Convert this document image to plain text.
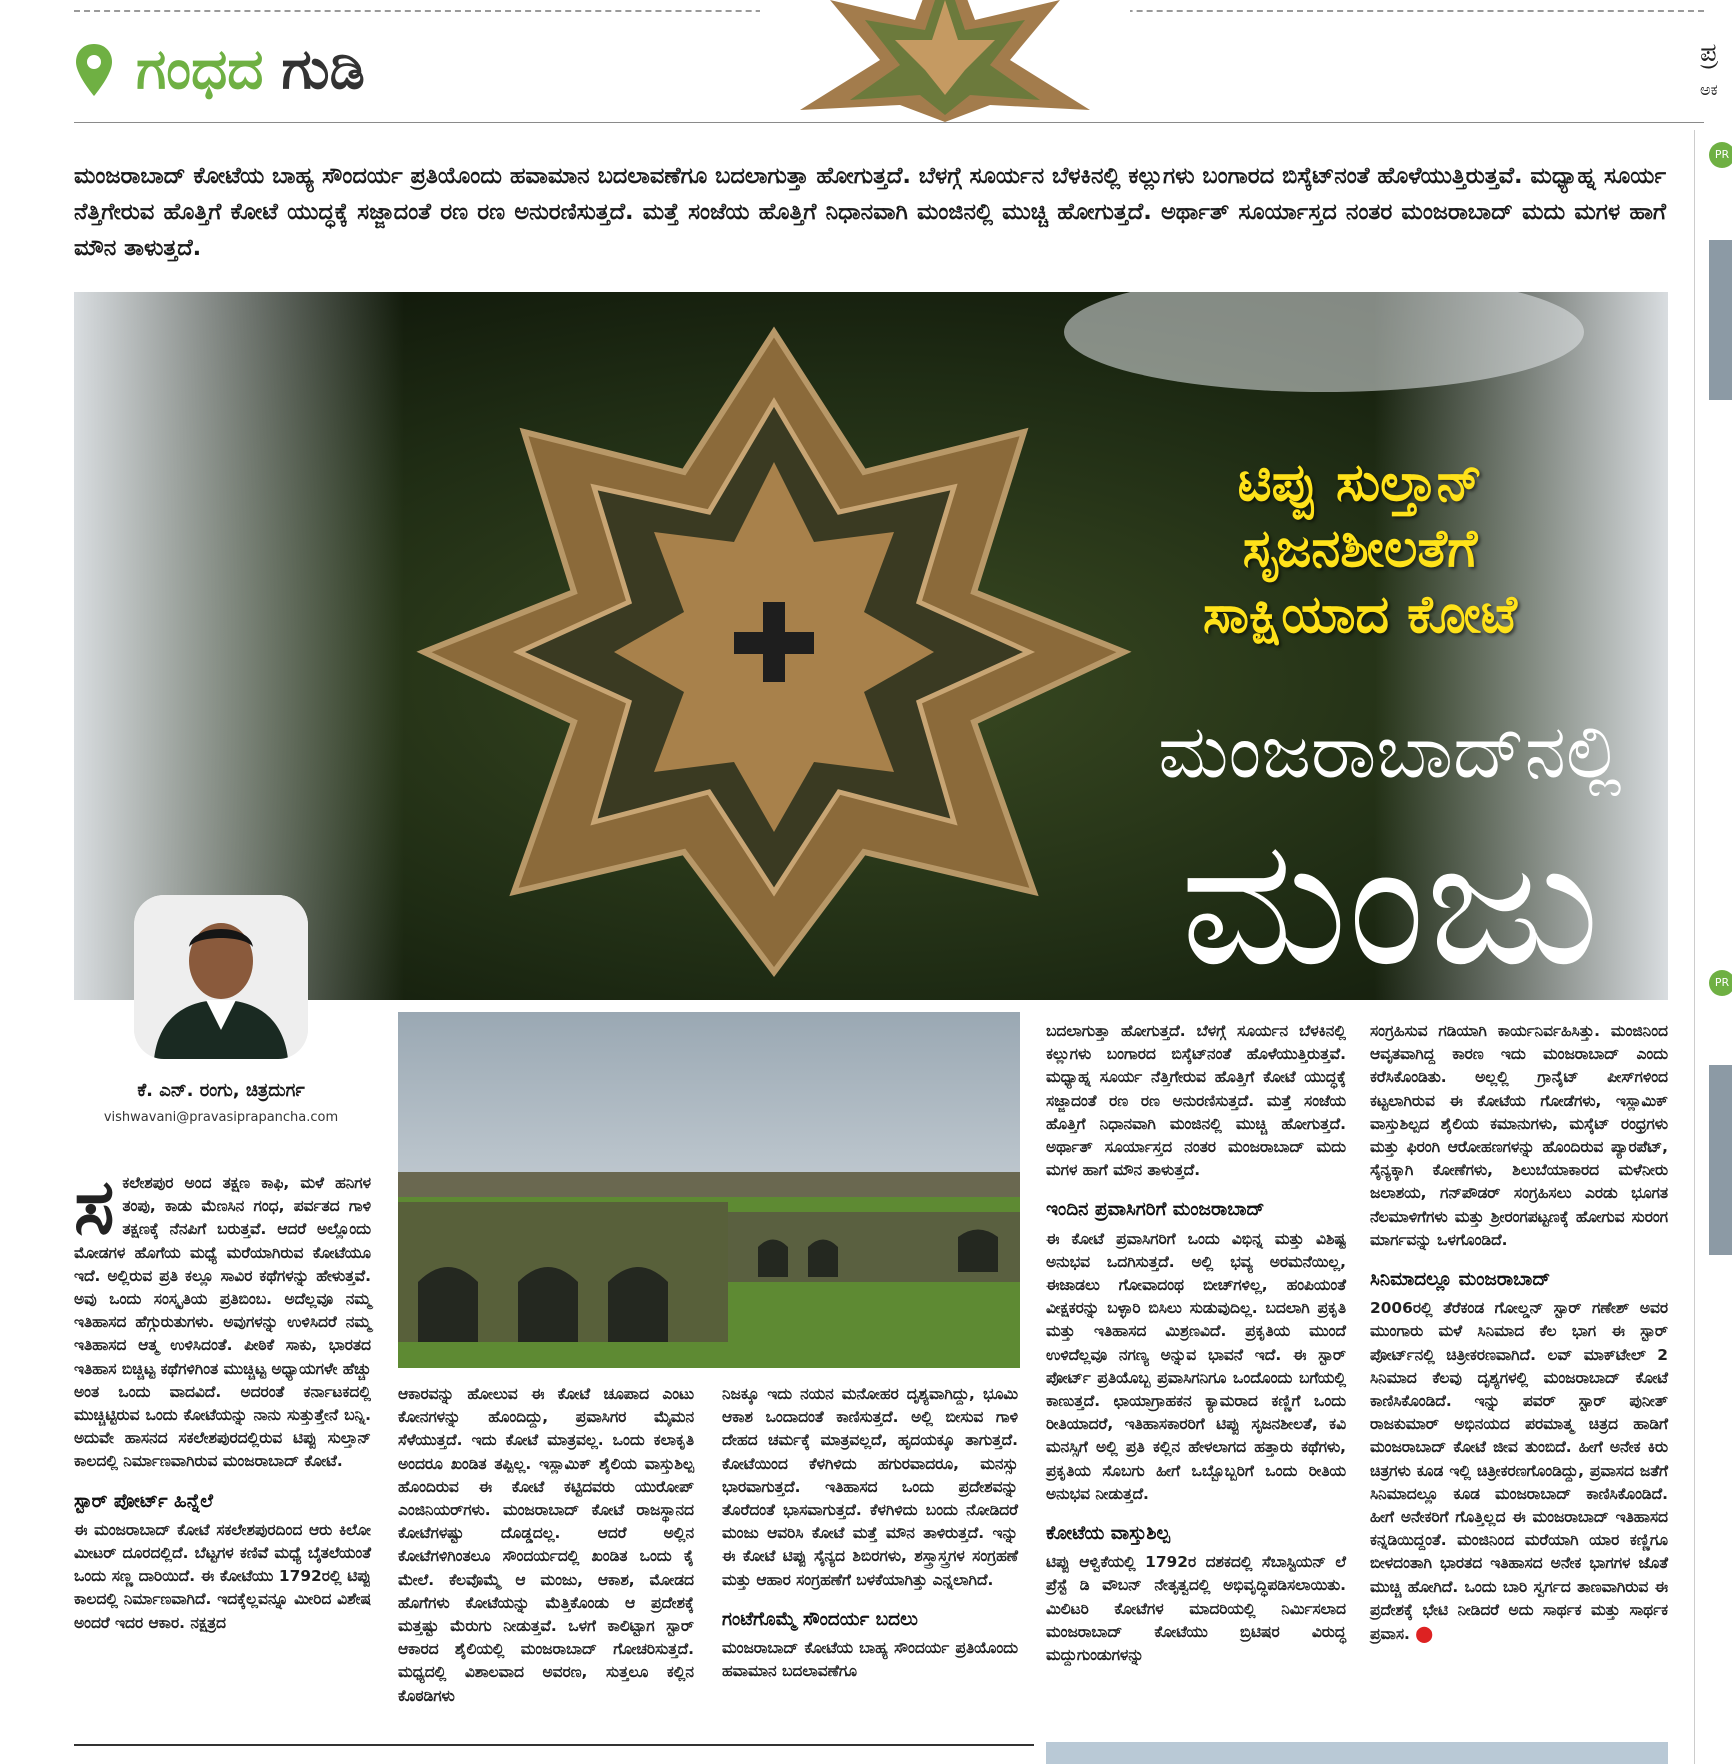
ಗಂಧದ ಗುಡಿ	ಪ್ರ
ಅಕ
ಮಂಜರಾಬಾದ್ ಕೋಟೆಯ ಬಾಹ್ಯ ಸೌಂದರ್ಯ ಪ್ರತಿಯೊಂದು ಹವಾಮಾನ ಬದಲಾವಣೆಗೂ ಬದಲಾಗುತ್ತಾ ಹೋಗುತ್ತದೆ. ಬೆಳಗ್ಗೆ ಸೂರ್ಯನ ಬೆಳಕಿನಲ್ಲಿ ಕಲ್ಲುಗಳು ಬಂಗಾರದ ಬಿಸ್ಕೆಟ್‌ನಂತೆ ಹೊಳೆಯುತ್ತಿರುತ್ತವೆ. ಮಧ್ಯಾಹ್ನ ಸೂರ್ಯ ನೆತ್ತಿಗೇರುವ ಹೊತ್ತಿಗೆ ಕೋಟೆ ಯುದ್ಧಕ್ಕೆ ಸಜ್ಜಾದಂತೆ ರಣ ರಣ ಅನುರಣಿಸುತ್ತದೆ. ಮತ್ತೆ ಸಂಜೆಯ ಹೊತ್ತಿಗೆ ನಿಧಾನವಾಗಿ ಮಂಜಿನಲ್ಲಿ ಮುಚ್ಚಿ ಹೋಗುತ್ತದೆ. ಅರ್ಥಾತ್ ಸೂರ್ಯಾಸ್ತದ ನಂತರ ಮಂಜರಾಬಾದ್ ಮದು ಮಗಳ ಹಾಗೆ ಮೌನ ತಾಳುತ್ತದೆ.
ಟಿಪ್ಪು ಸುಲ್ತಾನ್
ಸೃಜನಶೀಲತೆಗೆ
ಸಾಕ್ಷಿಯಾದ ಕೋಟೆ
ಮಂಜರಾಬಾದ್‌ನಲ್ಲಿ
ಮಂಜು
ಕೆ. ಎನ್. ರಂಗು, ಚಿತ್ರದುರ್ಗ
vishwavani@pravasiprapancha.com

ಸ ಕಲೇಶಪುರ ಅಂದ ತಕ್ಷಣ ಕಾಫಿ, ಮಳೆ ಹನಿಗಳ ತಂಪು, ಕಾಡು ಮೆಣಸಿನ ಗಂಧ, ಪರ್ವತದ ಗಾಳಿ ತಕ್ಷಣಕ್ಕೆ ನೆನಪಿಗೆ ಬರುತ್ತವೆ. ಆದರೆ ಅಲ್ಲೊಂದು ಮೋಡಗಳ ಹೊಗೆಯ ಮಧ್ಯೆ ಮರೆಯಾಗಿರುವ ಕೋಟೆಯೂ ಇದೆ. ಅಲ್ಲಿರುವ ಪ್ರತಿ ಕಲ್ಲೂ ಸಾವಿರ ಕಥೆಗಳನ್ನು ಹೇಳುತ್ತವೆ. ಅವು ಒಂದು ಸಂಸ್ಕೃತಿಯ ಪ್ರತಿಬಿಂಬ. ಅದೆಲ್ಲವೂ ನಮ್ಮ ಇತಿಹಾಸದ ಹೆಗ್ಗುರುತುಗಳು. ಅವುಗಳನ್ನು ಉಳಿಸಿದರೆ ನಮ್ಮ ಇತಿಹಾಸದ ಆತ್ಮ ಉಳಿಸಿದಂತೆ. ಪೀಠಿಕೆ ಸಾಕು, ಭಾರತದ ಇತಿಹಾಸ ಬಿಚ್ಚಿಟ್ಟ ಕಥೆಗಳಿಗಿಂತ ಮುಚ್ಚಿಟ್ಟ ಅಧ್ಯಾಯಗಳೇ ಹೆಚ್ಚು ಅಂತ ಒಂದು ವಾದವಿದೆ. ಅದರಂತೆ ಕರ್ನಾಟಕದಲ್ಲಿ ಮುಚ್ಚಿಟ್ಟಿರುವ ಒಂದು ಕೋಟೆಯನ್ನು ನಾನು ಸುತ್ತುತ್ತೇನೆ ಬನ್ನಿ. ಅದುವೇ ಹಾಸನದ ಸಕಲೇಶಪುರದಲ್ಲಿರುವ ಟಿಪ್ಪು ಸುಲ್ತಾನ್ ಕಾಲದಲ್ಲಿ ನಿರ್ಮಾಣವಾಗಿರುವ ಮಂಜರಾಬಾದ್ ಕೋಟೆ.

ಸ್ಟಾರ್ ಪೋರ್ಟ್ ಹಿನ್ನೆಲೆ

ಈ ಮಂಜರಾಬಾದ್ ಕೋಟೆ ಸಕಲೇಶಪುರದಿಂದ ಆರು ಕಿಲೋ ಮೀಟರ್ ದೂರದಲ್ಲಿದೆ. ಬೆಟ್ಟಗಳ ಕಣಿವೆ ಮಧ್ಯೆ ಬೈತಲೆಯಂತೆ ಒಂದು ಸಣ್ಣ ದಾರಿಯಿದೆ. ಈ ಕೋಟೆಯು 1792ರಲ್ಲಿ ಟಿಪ್ಪು ಕಾಲದಲ್ಲಿ ನಿರ್ಮಾಣವಾಗಿದೆ. ಇದಕ್ಕೆಲ್ಲವನ್ನೂ ಮೀರಿದ ವಿಶೇಷ ಅಂದರೆ ಇದರ ಆಕಾರ. ನಕ್ಷತ್ರದ

ಆಕಾರವನ್ನು ಹೋಲುವ ಈ ಕೋಟೆ ಚೂಪಾದ ಎಂಟು ಕೋನಗಳನ್ನು ಹೊಂದಿದ್ದು, ಪ್ರವಾಸಿಗರ ಮೈಮನ ಸೆಳೆಯುತ್ತದೆ. ಇದು ಕೋಟೆ ಮಾತ್ರವಲ್ಲ. ಒಂದು ಕಲಾಕೃತಿ ಅಂದರೂ ಖಂಡಿತ ತಪ್ಪಿಲ್ಲ. ಇಸ್ಲಾಮಿಕ್ ಶೈಲಿಯ ವಾಸ್ತುಶಿಲ್ಪ ಹೊಂದಿರುವ ಈ ಕೋಟೆ ಕಟ್ಟಿದವರು ಯುರೋಪ್ ಎಂಜಿನಿಯರ್‌ಗಳು. ಮಂಜರಾಬಾದ್ ಕೋಟೆ ರಾಜಸ್ಥಾನದ ಕೋಟೆಗಳಷ್ಟು ದೊಡ್ಡದಲ್ಲ. ಆದರೆ ಅಲ್ಲಿನ ಕೋಟೆಗಳಿಗಿಂತಲೂ ಸೌಂದರ್ಯದಲ್ಲಿ ಖಂಡಿತ ಒಂದು ಕೈ ಮೇಲೆ. ಕೆಲವೊಮ್ಮೆ ಆ ಮಂಜು, ಆಕಾಶ, ಮೋಡದ ಹೊಗೆಗಳು ಕೋಟೆಯನ್ನು ಮೆತ್ತಿಕೊಂಡು ಆ ಪ್ರದೇಶಕ್ಕೆ ಮತ್ತಷ್ಟು ಮೆರುಗು ನೀಡುತ್ತವೆ. ಒಳಗೆ ಕಾಲಿಟ್ಟಾಗ ಸ್ಟಾರ್ ಆಕಾರದ ಶೈಲಿಯಲ್ಲಿ ಮಂಜರಾಬಾದ್ ಗೋಚರಿಸುತ್ತದೆ. ಮಧ್ಯದಲ್ಲಿ ವಿಶಾಲವಾದ ಅವರಣ, ಸುತ್ತಲೂ ಕಲ್ಲಿನ ಕೊಠಡಿಗಳು

ನಿಜಕ್ಕೂ ಇದು ನಯನ ಮನೋಹರ ದೃಶ್ಯವಾಗಿದ್ದು, ಭೂಮಿ ಆಕಾಶ ಒಂದಾದಂತೆ ಕಾಣಿಸುತ್ತದೆ. ಅಲ್ಲಿ ಬೀಸುವ ಗಾಳಿ ದೇಹದ ಚರ್ಮಕ್ಕೆ ಮಾತ್ರವಲ್ಲದೆ, ಹೃದಯಕ್ಕೂ ತಾಗುತ್ತದೆ. ಕೋಟೆಯಿಂದ ಕೆಳಗಿಳಿದು ಹಗುರವಾದರೂ, ಮನಸ್ಸು ಭಾರವಾಗುತ್ತದೆ. ಇತಿಹಾಸದ ಒಂದು ಪ್ರದೇಶವನ್ನು ತೊರೆದಂತೆ ಭಾಸವಾಗುತ್ತದೆ. ಕೆಳಗಿಳಿದು ಬಂದು ನೋಡಿದರೆ ಮಂಜು ಆವರಿಸಿ ಕೋಟೆ ಮತ್ತೆ ಮೌನ ತಾಳಿರುತ್ತದೆ. ಇನ್ನು ಈ ಕೋಟೆ ಟಿಪ್ಪು ಸೈನ್ಯದ ಶಿಬಿರಗಳು, ಶಸ್ತ್ರಾಸ್ತ್ರಗಳ ಸಂಗ್ರಹಣೆ ಮತ್ತು ಆಹಾರ ಸಂಗ್ರಹಣೆಗೆ ಬಳಕೆಯಾಗಿತ್ತು ಎನ್ನಲಾಗಿದೆ.

ಗಂಟೆಗೊಮ್ಮೆ ಸೌಂದರ್ಯ ಬದಲು

ಮಂಜರಾಬಾದ್ ಕೋಟೆಯ ಬಾಹ್ಯ ಸೌಂದರ್ಯ ಪ್ರತಿಯೊಂದು ಹವಾಮಾನ ಬದಲಾವಣೆಗೂ

ಬದಲಾಗುತ್ತಾ ಹೋಗುತ್ತದೆ. ಬೆಳಗ್ಗೆ ಸೂರ್ಯನ ಬೆಳಕಿನಲ್ಲಿ ಕಲ್ಲುಗಳು ಬಂಗಾರದ ಬಿಸ್ಕೆಟ್‌ನಂತೆ ಹೊಳೆಯುತ್ತಿರುತ್ತವೆ. ಮಧ್ಯಾಹ್ನ ಸೂರ್ಯ ನೆತ್ತಿಗೇರುವ ಹೊತ್ತಿಗೆ ಕೋಟೆ ಯುದ್ಧಕ್ಕೆ ಸಜ್ಜಾದಂತೆ ರಣ ರಣ ಅನುರಣಿಸುತ್ತದೆ. ಮತ್ತೆ ಸಂಜೆಯ ಹೊತ್ತಿಗೆ ನಿಧಾನವಾಗಿ ಮಂಜಿನಲ್ಲಿ ಮುಚ್ಚಿ ಹೋಗುತ್ತದೆ. ಅರ್ಥಾತ್ ಸೂರ್ಯಾಸ್ತದ ನಂತರ ಮಂಜರಾಬಾದ್ ಮದು ಮಗಳ ಹಾಗೆ ಮೌನ ತಾಳುತ್ತದೆ.

ಇಂದಿನ ಪ್ರವಾಸಿಗರಿಗೆ ಮಂಜರಾಬಾದ್

ಈ ಕೋಟೆ ಪ್ರವಾಸಿಗರಿಗೆ ಒಂದು ವಿಭಿನ್ನ ಮತ್ತು ವಿಶಿಷ್ಟ ಅನುಭವ ಒದಗಿಸುತ್ತದೆ. ಅಲ್ಲಿ ಭವ್ಯ ಅರಮನೆಯಿಲ್ಲ, ಈಜಾಡಲು ಗೋವಾದಂಥ ಬೀಚ್‌ಗಳಿಲ್ಲ, ಹಂಪಿಯಂತೆ ವೀಕ್ಷಕರನ್ನು ಬಳ್ಳಾರಿ ಬಿಸಿಲು ಸುಡುವುದಿಲ್ಲ. ಬದಲಾಗಿ ಪ್ರಕೃತಿ ಮತ್ತು ಇತಿಹಾಸದ ಮಿಶ್ರಣವಿದೆ. ಪ್ರಕೃತಿಯ ಮುಂದೆ ಉಳಿದೆಲ್ಲವೂ ನಗಣ್ಯ ಅನ್ನುವ ಭಾವನೆ ಇದೆ. ಈ ಸ್ಟಾರ್ ಪೋರ್ಟ್ ಪ್ರತಿಯೊಬ್ಬ ಪ್ರವಾಸಿಗನಿಗೂ ಒಂದೊಂದು ಬಗೆಯಲ್ಲಿ ಕಾಣುತ್ತದೆ. ಛಾಯಾಗ್ರಾಹಕನ ಕ್ಯಾಮರಾದ ಕಣ್ಣಿಗೆ ಒಂದು ರೀತಿಯಾದರೆ, ಇತಿಹಾಸಕಾರರಿಗೆ ಟಿಪ್ಪು ಸೃಜನಶೀಲತೆ, ಕವಿ ಮನಸ್ಸಿಗೆ ಅಲ್ಲಿ ಪ್ರತಿ ಕಲ್ಲಿನ ಹೇಳಲಾಗದ ಹತ್ತಾರು ಕಥೆಗಳು, ಪ್ರಕೃತಿಯ ಸೊಬಗು ಹೀಗೆ ಒಬ್ಬೊಬ್ಬರಿಗೆ ಒಂದು ರೀತಿಯ ಅನುಭವ ನೀಡುತ್ತದೆ.

ಕೋಟೆಯ ವಾಸ್ತುಶಿಲ್ಪ

ಟಿಪ್ಪು ಆಳ್ವಿಕೆಯಲ್ಲಿ 1792ರ ದಶಕದಲ್ಲಿ ಸೆಬಾಸ್ಟಿಯನ್ ಲೆ ಪ್ರೆಸ್ಟೆ ಡಿ ವೌಬನ್ ನೇತೃತ್ವದಲ್ಲಿ ಅಭಿವೃದ್ಧಿಪಡಿಸಲಾಯಿತು. ಮಿಲಿಟರಿ ಕೋಟೆಗಳ ಮಾದರಿಯಲ್ಲಿ ನಿರ್ಮಿಸಲಾದ ಮಂಜರಾಬಾದ್ ಕೋಟೆಯು ಬ್ರಿಟಿಷರ ವಿರುದ್ಧ ಮದ್ದುಗುಂಡುಗಳನ್ನು

ಸಂಗ್ರಹಿಸುವ ಗಡಿಯಾಗಿ ಕಾರ್ಯನಿರ್ವಹಿಸಿತ್ತು. ಮಂಜಿನಿಂದ ಆವೃತವಾಗಿದ್ದ ಕಾರಣ ಇದು ಮಂಜರಾಬಾದ್ ಎಂದು ಕರೆಸಿಕೊಂಡಿತು. ಅಲ್ಲಲ್ಲಿ ಗ್ರಾನೈಟ್ ಪೀಸ್‌ಗಳಿಂದ ಕಟ್ಟಲಾಗಿರುವ ಈ ಕೋಟೆಯ ಗೋಡೆಗಳು, ಇಸ್ಲಾಮಿಕ್ ವಾಸ್ತುಶಿಲ್ಪದ ಶೈಲಿಯ ಕಮಾನುಗಳು, ಮಸ್ಕೆಟ್ ರಂಧ್ರಗಳು ಮತ್ತು ಫಿರಂಗಿ ಆರೋಹಣಗಳನ್ನು ಹೊಂದಿರುವ ಪ್ಯಾರಪೆಟ್, ಸೈನ್ಯಕ್ಕಾಗಿ ಕೋಣೆಗಳು, ಶಿಲುಬೆಯಾಕಾರದ ಮಳೆನೀರು ಜಲಾಶಯ, ಗನ್‌ಪೌಡರ್ ಸಂಗ್ರಹಿಸಲು ಎರಡು ಭೂಗತ ನೆಲಮಾಳಿಗೆಗಳು ಮತ್ತು ಶ್ರೀರಂಗಪಟ್ಟಣಕ್ಕೆ ಹೋಗುವ ಸುರಂಗ ಮಾರ್ಗವನ್ನು ಒಳಗೊಂಡಿದೆ.

ಸಿನಿಮಾದಲ್ಲೂ ಮಂಜರಾಬಾದ್

2006ರಲ್ಲಿ ತೆರೆಕಂಡ ಗೋಲ್ಡನ್ ಸ್ಟಾರ್ ಗಣೇಶ್ ಅವರ ಮುಂಗಾರು ಮಳೆ ಸಿನಿಮಾದ ಕೆಲ ಭಾಗ ಈ ಸ್ಟಾರ್ ಪೋರ್ಟ್‌ನಲ್ಲಿ ಚಿತ್ರೀಕರಣವಾಗಿದೆ. ಲವ್ ಮಾಕ್‌ಟೇಲ್ 2 ಸಿನಿಮಾದ ಕೆಲವು ದೃಶ್ಯಗಳಲ್ಲಿ ಮಂಜರಾಬಾದ್ ಕೋಟೆ ಕಾಣಿಸಿಕೊಂಡಿದೆ. ಇನ್ನು ಪವರ್ ಸ್ಟಾರ್ ಪುನೀತ್ ರಾಜಕುಮಾರ್ ಅಭಿನಯದ ಪರಮಾತ್ಮ ಚಿತ್ರದ ಹಾಡಿಗೆ ಮಂಜರಾಬಾದ್ ಕೋಟೆ ಜೀವ ತುಂಬಿದೆ. ಹೀಗೆ ಅನೇಕ ಕಿರು ಚಿತ್ರಗಳು ಕೂಡ ಇಲ್ಲಿ ಚಿತ್ರೀಕರಣಗೊಂಡಿದ್ದು, ಪ್ರವಾಸದ ಜತೆಗೆ ಸಿನಿಮಾದಲ್ಲೂ ಕೂಡ ಮಂಜರಾಬಾದ್ ಕಾಣಿಸಿಕೊಂಡಿದೆ. ಹೀಗೆ ಅನೇಕರಿಗೆ ಗೊತ್ತಿಲ್ಲದ ಈ ಮಂಜರಾಬಾದ್ ಇತಿಹಾಸದ ಕನ್ನಡಿಯಿದ್ದಂತೆ. ಮಂಜಿನಿಂದ ಮರೆಯಾಗಿ ಯಾರ ಕಣ್ಣಿಗೂ ಬೀಳದಂತಾಗಿ ಭಾರತದ ಇತಿಹಾಸದ ಅನೇಕ ಭಾಗಗಳ ಜೊತೆ ಮುಚ್ಚಿ ಹೋಗಿದೆ. ಒಂದು ಬಾರಿ ಸ್ವರ್ಗದ ತಾಣವಾಗಿರುವ ಈ ಪ್ರದೇಶಕ್ಕೆ ಭೇಟಿ ನೀಡಿದರೆ ಅದು ಸಾರ್ಥಕ ಮತ್ತು ಸಾರ್ಥಕ ಪ್ರವಾಸ. ⬤

PR
PR
